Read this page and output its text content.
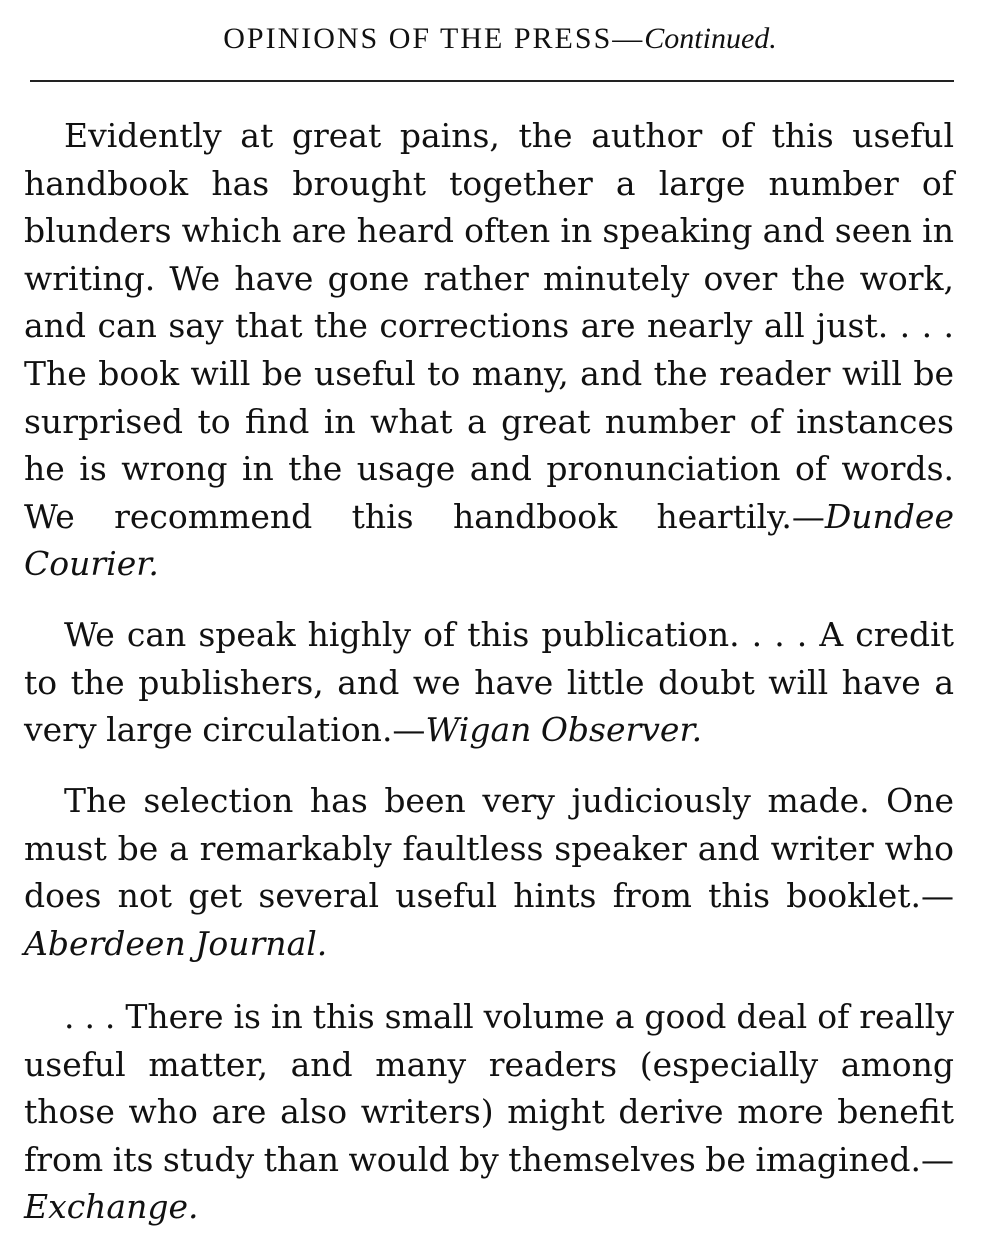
OPINIONS OF THE PRESS—Continued.

Evidently at great pains, the author of this useful handbook has brought together a large number of blunders which are heard often in speaking and seen in writing. We have gone rather minutely over the work, and can say that the corrections are nearly all just. . . . The book will be useful to many, and the reader will be surprised to find in what a great number of instances he is wrong in the usage and pronunciation of words. We recommend this handbook heartily.—Dundee Courier.

We can speak highly of this publication. . . . A credit to the publishers, and we have little doubt will have a very large circulation.—Wigan Observer.

The selection has been very judiciously made. One must be a remarkably faultless speaker and writer who does not get several useful hints from this booklet.—Aberdeen Journal.

. . . There is in this small volume a good deal of really useful matter, and many readers (especially among those who are also writers) might derive more benefit from its study than would by themselves be imagined.—Exchange.
